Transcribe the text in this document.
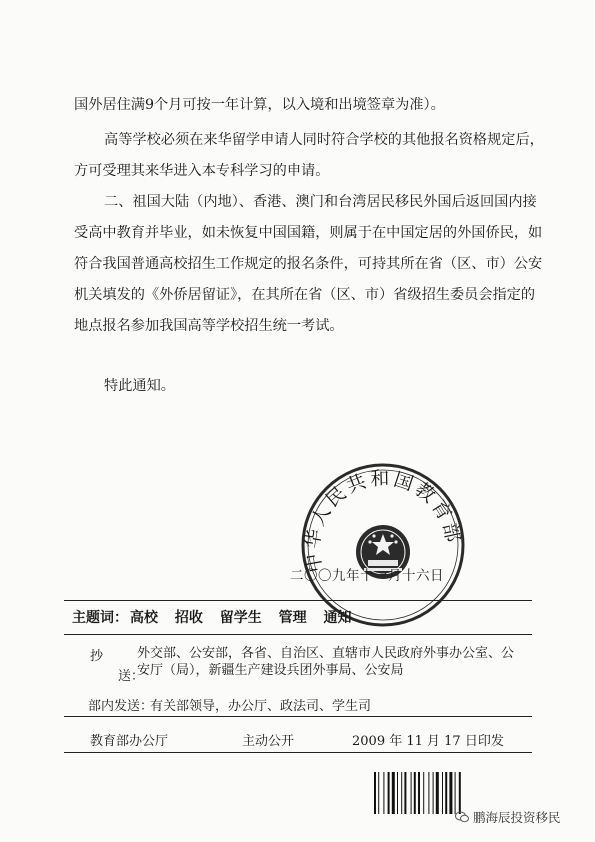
国外居住满9个月可按一年计算，以入境和出境签章为准）。

高等学校必须在来华留学申请人同时符合学校的其他报名资格规定后，方可受理其来华进入本专科学习的申请。

二、祖国大陆（内地）、香港、澳门和台湾居民移民外国后返回国内接受高中教育并毕业，如未恢复中国国籍，则属于在中国定居的外国侨民，如符合我国普通高校招生工作规定的报名条件，可持其所在省（区、市）公安机关填发的《外侨居留证》，在其所在省（区、市）省级招生委员会指定的地点报名参加我国高等学校招生统一考试。

特此通知。

中华人民共和国教育部
二〇〇九年十一月十六日
主题词： 高校 招收 留学生 管理 通知
抄
送：
外交部、公安部，各省、自治区、直辖市人民政府外事办公室、公安厅（局），新疆生产建设兵团外事局、公安局
部内发送：
有关部领导，办公厅、政法司、学生司
教育部办公厅	主动公开	2009 年 11 月 17 日印发
鹏海辰投资移民
